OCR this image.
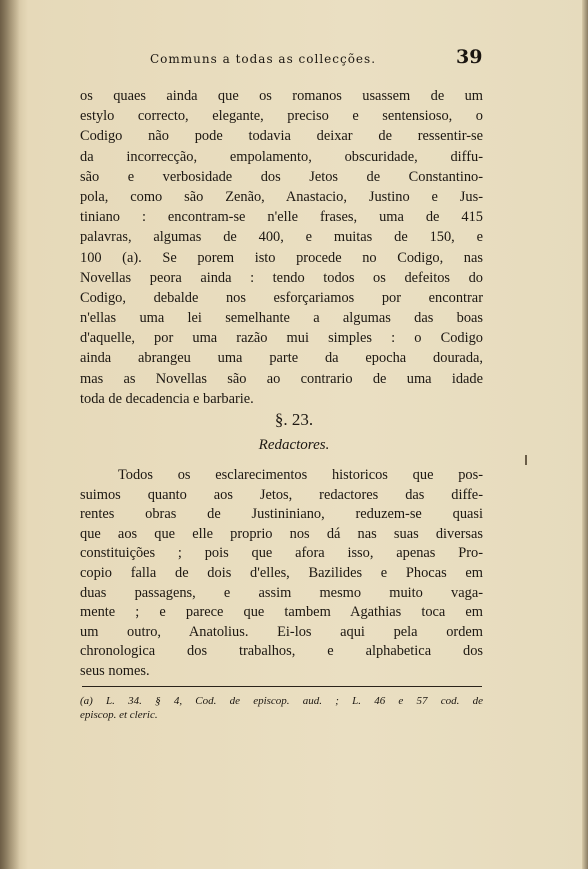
Communs a todas as collecções.	39
os quaes ainda que os romanos usassem de um
estylo correcto, elegante, preciso e sentensioso, o
Codigo não pode todavia deixar de ressentir-se
da incorrecção, empolamento, obscuridade, diffu-
são e verbosidade dos Jetos de Constantino-
pola, como são Zenão, Anastacio, Justino e Jus-
tiniano : encontram-se n'elle frases, uma de 415
palavras, algumas de 400, e muitas de 150, e
100 (a). Se porem isto procede no Codigo, nas
Novellas peora ainda : tendo todos os defeitos do
Codigo, debalde nos esforçariamos por encontrar
n'ellas uma lei semelhante a algumas das boas
d'aquelle, por uma razão mui simples : o Codigo
ainda abrangeu uma parte da epocha dourada,
mas as Novellas são ao contrario de uma idade
toda de decadencia e barbarie.
§. 23.
Redactores.
Todos os esclarecimentos historicos que pos-
suimos quanto aos Jetos, redactores das diffe-
rentes obras de Justininiano, reduzem-se quasi
que aos que elle proprio nos dá nas suas diversas
constituições ; pois que afora isso, apenas Pro-
copio falla de dois d'elles, Bazilides e Phocas em
duas passagens, e assim mesmo muito vaga-
mente ; e parece que tambem Agathias toca em
um outro, Anatolius. Ei-los aqui pela ordem
chronologica dos trabalhos, e alphabetica dos
seus nomes.
(a) L. 34. § 4, Cod. de episcop. aud. ; L. 46 e 57 cod. de
episcop. et cleric.
